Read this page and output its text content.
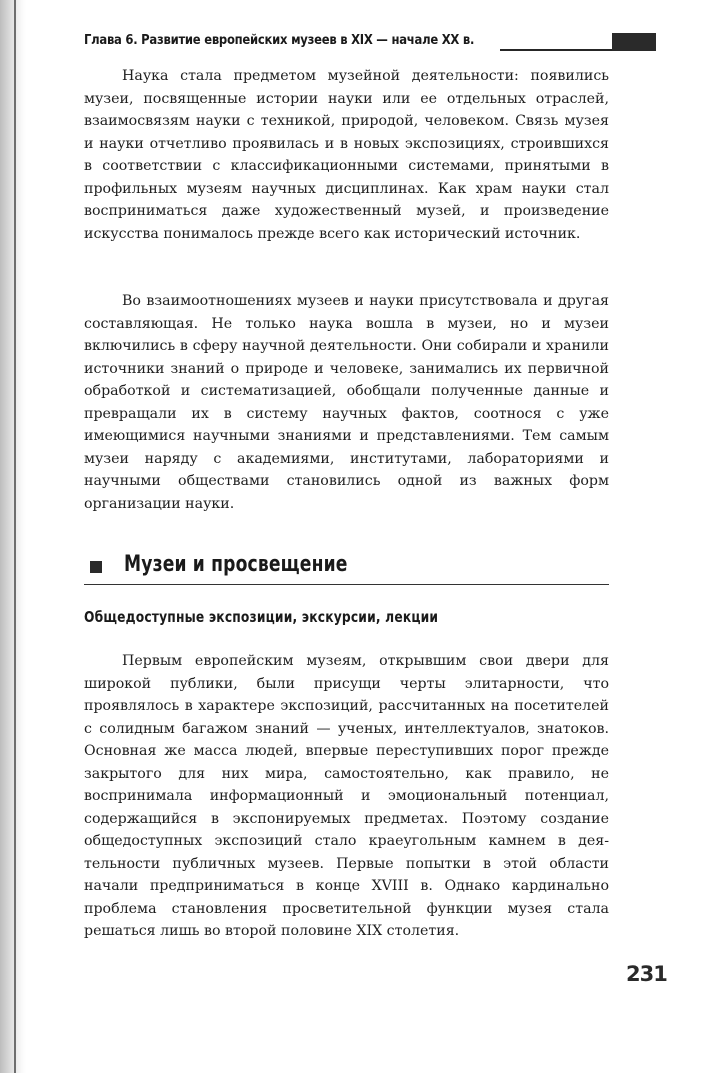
Глава 6. Развитие европейских музеев в XIX — начале XX в.

Наука стала предметом музейной деятельности: появились музеи, посвященные истории науки или ее отдельных отраслей, взаимосвязям науки с техникой, природой, человеком. Связь музея и науки отчетливо проявилась и в новых экспозициях, строившихся в соответствии с классификационными системами, принятыми в профильных музеям научных дисциплинах. Как храм науки стал восприниматься даже художественный музей, и произведение искусства понималось прежде всего как исторический источник.

Во взаимоотношениях музеев и науки присутствовала и другая составляющая. Не только наука вошла в музеи, но и музеи включились в сферу научной деятельности. Они собирали и хранили источники знаний о природе и человеке, занимались их первичной обработкой и систематизацией, обобщали полученные данные и превращали их в систему научных фактов, соотнося с уже имеющимися научными знаниями и представлениями. Тем самым музеи наряду с академиями, институтами, лабораториями и научными обществами становились одной из важных форм организации науки.

Музеи и просвещение
Общедоступные экспозиции, экскурсии, лекции

Первым европейским музеям, открывшим свои двери для широкой публики, были присущи черты элитарности, что проявлялось в характере экспозиций, рассчитанных на посетителей с солидным багажом знаний — ученых, интеллектуалов, знатоков. Основная же масса людей, впервые переступивших порог прежде закрытого для них мира, самостоятельно, как правило, не воспринимала информационный и эмоциональный потенциал, содержащийся в экспонируемых предметах. Поэтому создание общедоступных экспозиций стало краеугольным камнем в деятельности публичных музеев. Первые попытки в этой области начали предприниматься в конце XVIII в. Однако кардинально проблема становления просветительной функции музея стала решаться лишь во второй половине XIX столетия.

231
